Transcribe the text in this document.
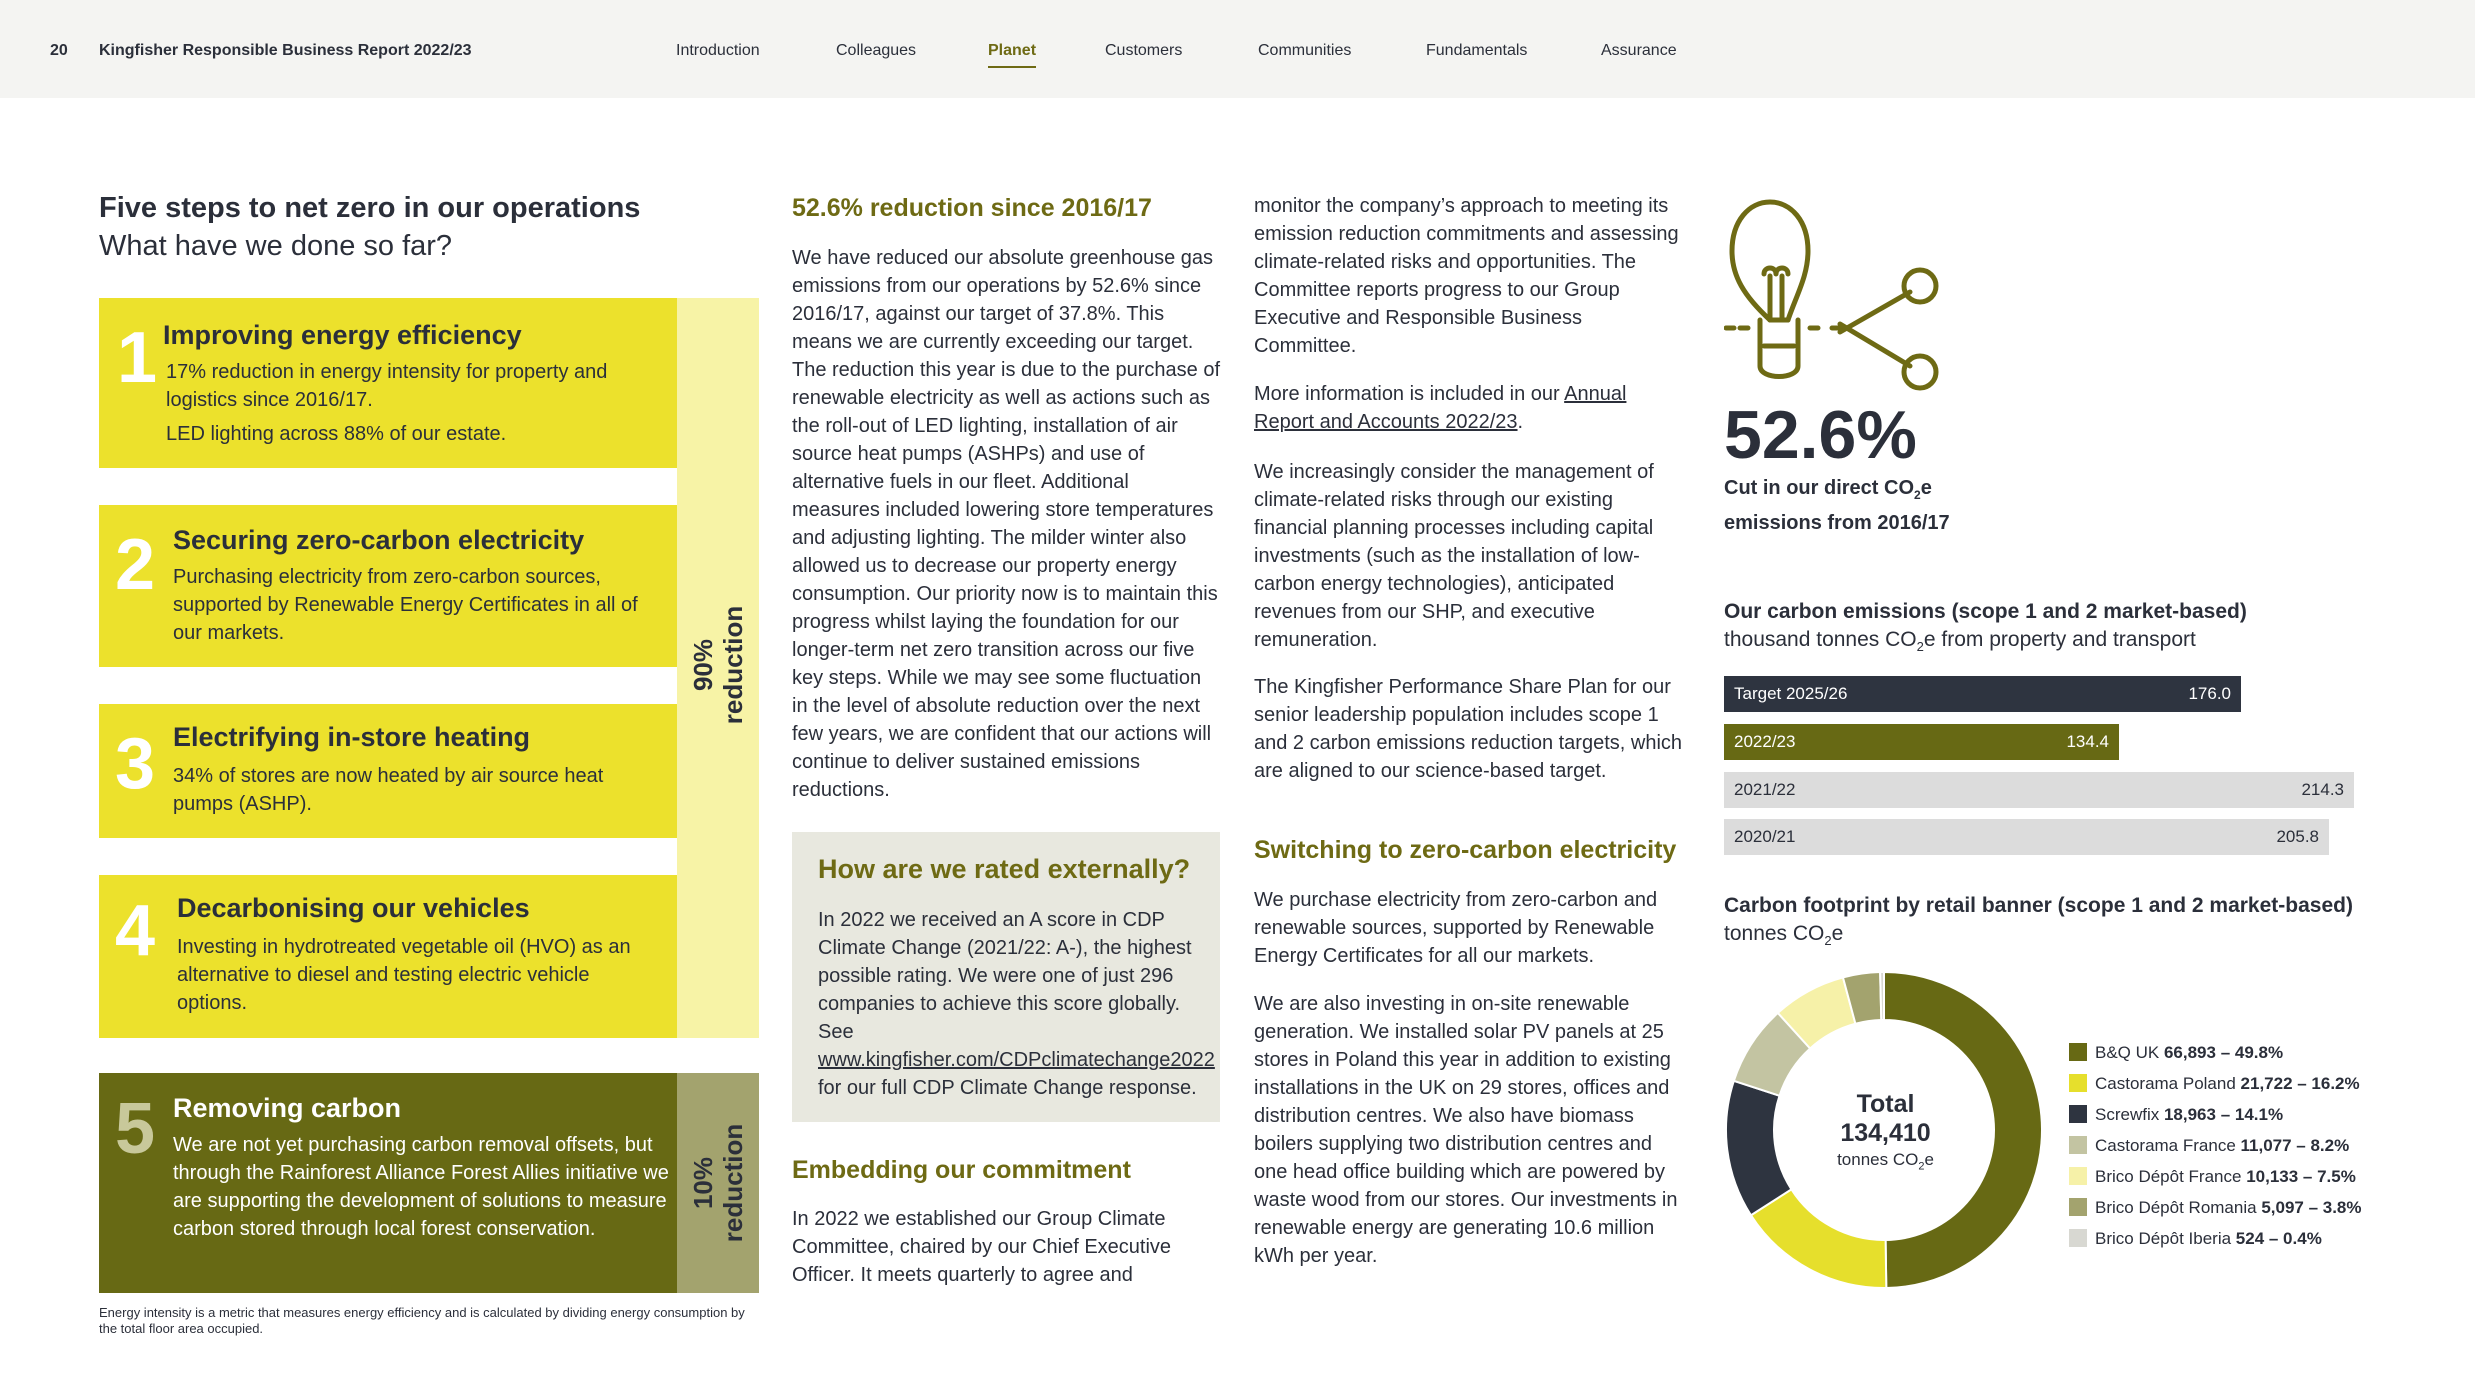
20 Kingfisher Responsible Business Report 2022/23	Introduction	Colleagues	Planet	Customers	Communities	Fundamentals	Assurance
Five steps to net zero in our operations
What have we done so far?
90% reduction
10% reduction
1 Improving energy efficiency
17% reduction in energy intensity for property and logistics since 2016/17.
LED lighting across 88% of our estate.
2 Securing zero-carbon electricity
Purchasing electricity from zero-carbon sources, supported by Renewable Energy Certificates in all of our markets.
3 Electrifying in-store heating
34% of stores are now heated by air source heat pumps (ASHP).
4 Decarbonising our vehicles
Investing in hydrotreated vegetable oil (HVO) as an alternative to diesel and testing electric vehicle options.
5 Removing carbon
We are not yet purchasing carbon removal offsets, but through the Rainforest Alliance Forest Allies initiative we are supporting the development of solutions to measure carbon stored through local forest conservation.
Energy intensity is a metric that measures energy efficiency and is calculated by dividing energy consumption by the total floor area occupied.
52.6% reduction since 2016/17
We have reduced our absolute greenhouse gas emissions from our operations by 52.6% since 2016/17, against our target of 37.8%. This means we are currently exceeding our target. The reduction this year is due to the purchase of renewable electricity as well as actions such as the roll-out of LED lighting, installation of air source heat pumps (ASHPs) and use of alternative fuels in our fleet. Additional measures included lowering store temperatures and adjusting lighting. The milder winter also allowed us to decrease our property energy consumption. Our priority now is to maintain this progress whilst laying the foundation for our longer-term net zero transition across our five key steps. While we may see some fluctuation in the level of absolute reduction over the next few years, we are confident that our actions will continue to deliver sustained emissions reductions.
How are we rated externally?
In 2022 we received an A score in CDP Climate Change (2021/22: A-), the highest possible rating. We were one of just 296 companies to achieve this score globally. See www.kingfisher.com/CDPclimatechange2022 for our full CDP Climate Change response.
Embedding our commitment
In 2022 we established our Group Climate Committee, chaired by our Chief Executive Officer. It meets quarterly to agree and
monitor the company’s approach to meeting its emission reduction commitments and assessing climate-related risks and opportunities. The Committee reports progress to our Group Executive and Responsible Business Committee.
More information is included in our Annual Report and Accounts 2022/23.
We increasingly consider the management of climate-related risks through our existing financial planning processes including capital investments (such as the installation of low-carbon energy technologies), anticipated revenues from our SHP, and executive remuneration.
The Kingfisher Performance Share Plan for our senior leadership population includes scope 1 and 2 carbon emissions reduction targets, which are aligned to our science-based target.
Switching to zero-carbon electricity
We purchase electricity from zero-carbon and renewable sources, supported by Renewable Energy Certificates for all our markets.
We are also investing in on-site renewable generation. We installed solar PV panels at 25 stores in Poland this year in addition to existing installations in the UK on 29 stores, offices and distribution centres. We also have biomass boilers supplying two distribution centres and one head office building which are powered by waste wood from our stores. Our investments in renewable energy are generating 10.6 million kWh per year.
52.6%
Cut in our direct $CO_2e$ emissions from 2016/17
Our carbon emissions (scope 1 and 2 market-based)
thousand tonnes $CO_2e$ from property and transport
Target 2025/26	176.0
2022/23	134.4
2021/22	214.3
2020/21	205.8
Carbon footprint by retail banner (scope 1 and 2 market-based)
tonnes $CO_2e$
Total
134,410
tonnes $CO_2e$
B&Q UK 66,893 – 49.8%
Castorama Poland 21,722 – 16.2%
Screwfix 18,963 – 14.1%
Castorama France 11,077 – 8.2%
Brico Dépôt France 10,133 – 7.5%
Brico Dépôt Romania 5,097 – 3.8%
Brico Dépôt Iberia 524 – 0.4%
